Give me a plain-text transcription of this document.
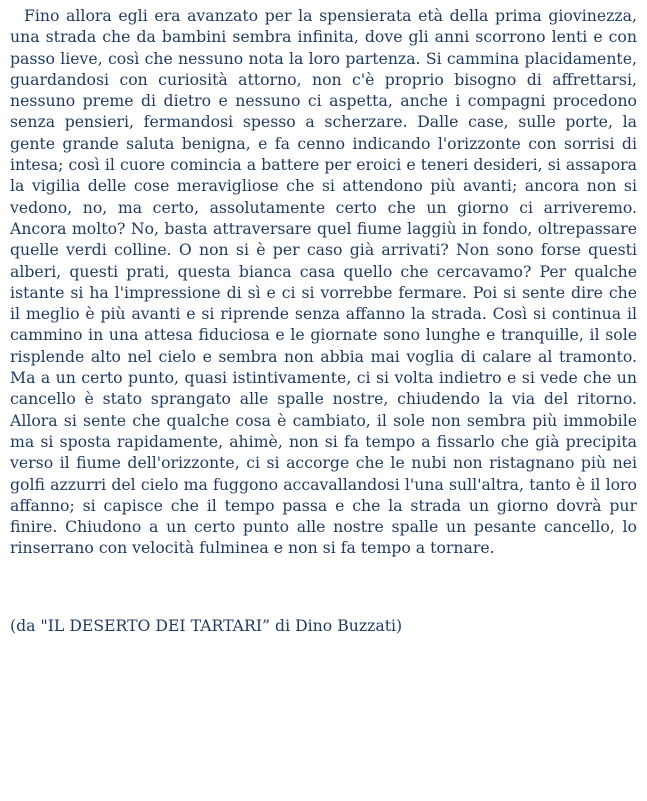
Fino allora egli era avanzato per la spensierata età della prima giovinezza, una strada che da bambini sembra infinita, dove gli anni scorrono lenti e con passo lieve, così che nessuno nota la loro partenza. Si cammina placidamente, guardandosi con curiosità attorno, non c'è proprio bisogno di affrettarsi, nessuno preme di dietro e nessuno ci aspetta, anche i compagni procedono senza pensieri, fermandosi spesso a scherzare. Dalle case, sulle porte, la gente grande saluta benigna, e fa cenno indicando l'orizzonte con sorrisi di intesa; così il cuore comincia a battere per eroici e teneri desideri, si assapora la vigilia delle cose meravigliose che si attendono più avanti; ancora non si vedono, no, ma certo, assolutamente certo che un giorno ci arriveremo. Ancora molto? No, basta attraversare quel fiume laggiù in fondo, oltrepassare quelle verdi colline. O non si è per caso già arrivati? Non sono forse questi alberi, questi prati, questa bianca casa quello che cercavamo? Per qualche istante si ha l'impressione di sì e ci si vorrebbe fermare. Poi si sente dire che il meglio è più avanti e si riprende senza affanno la strada. Così si continua il cammino in una attesa fiduciosa e le giornate sono lunghe e tranquille, il sole risplende alto nel cielo e sembra non abbia mai voglia di calare al tramonto. Ma a un certo punto, quasi istintivamente, ci si volta indietro e si vede che un cancello è stato sprangato alle spalle nostre, chiudendo la via del ritorno. Allora si sente che qualche cosa è cambiato, il sole non sembra più immobile ma si sposta rapidamente, ahimè, non si fa tempo a fissarlo che già precipita verso il fiume dell'orizzonte, ci si accorge che le nubi non ristagnano più nei golfi azzurri del cielo ma fuggono accavallandosi l'una sull'altra, tanto è il loro affanno; si capisce che il tempo passa e che la strada un giorno dovrà pur finire. Chiudono a un certo punto alle nostre spalle un pesante cancello, lo rinserrano con velocità fulminea e non si fa tempo a tornare.

(da "IL DESERTO DEI TARTARI” di Dino Buzzati)
